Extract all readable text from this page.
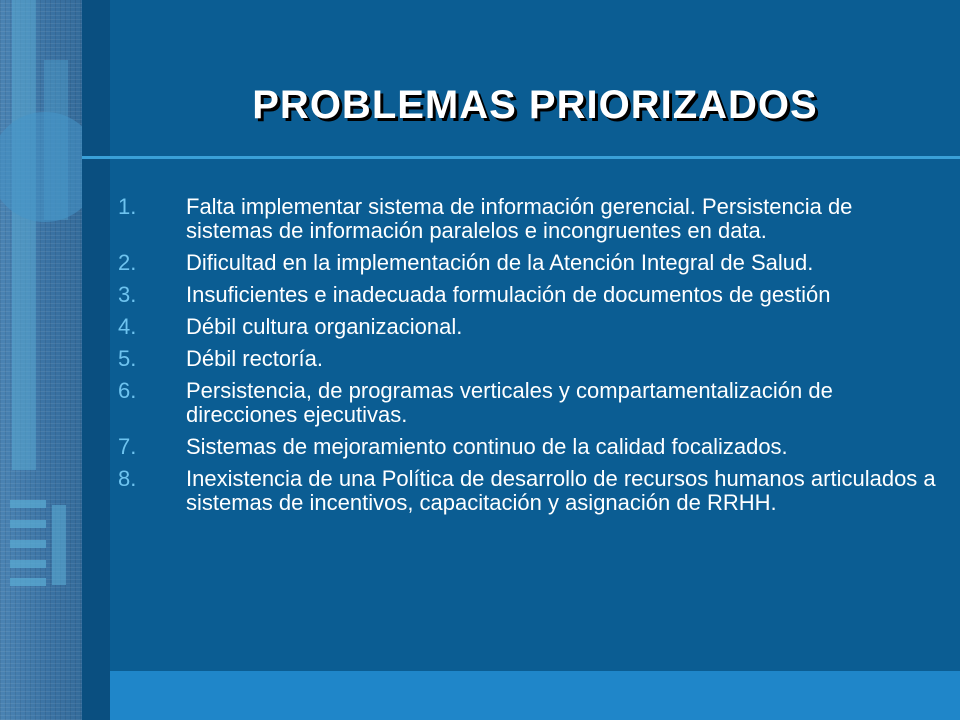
PROBLEMAS PRIORIZADOS
1.	Falta implementar sistema de información gerencial. Persistencia de sistemas de información paralelos e incongruentes en data.
2.	Dificultad en la implementación de la Atención Integral de Salud.
3.	Insuficientes e inadecuada formulación de documentos de gestión
4.	Débil cultura organizacional.
5.	Débil rectoría.
6.	Persistencia, de programas verticales y compartamentalización de direcciones ejecutivas.
7.	Sistemas de mejoramiento continuo de la calidad focalizados.
8.	Inexistencia de una Política de desarrollo de recursos humanos articulados a sistemas de incentivos, capacitación y asignación de RRHH.
